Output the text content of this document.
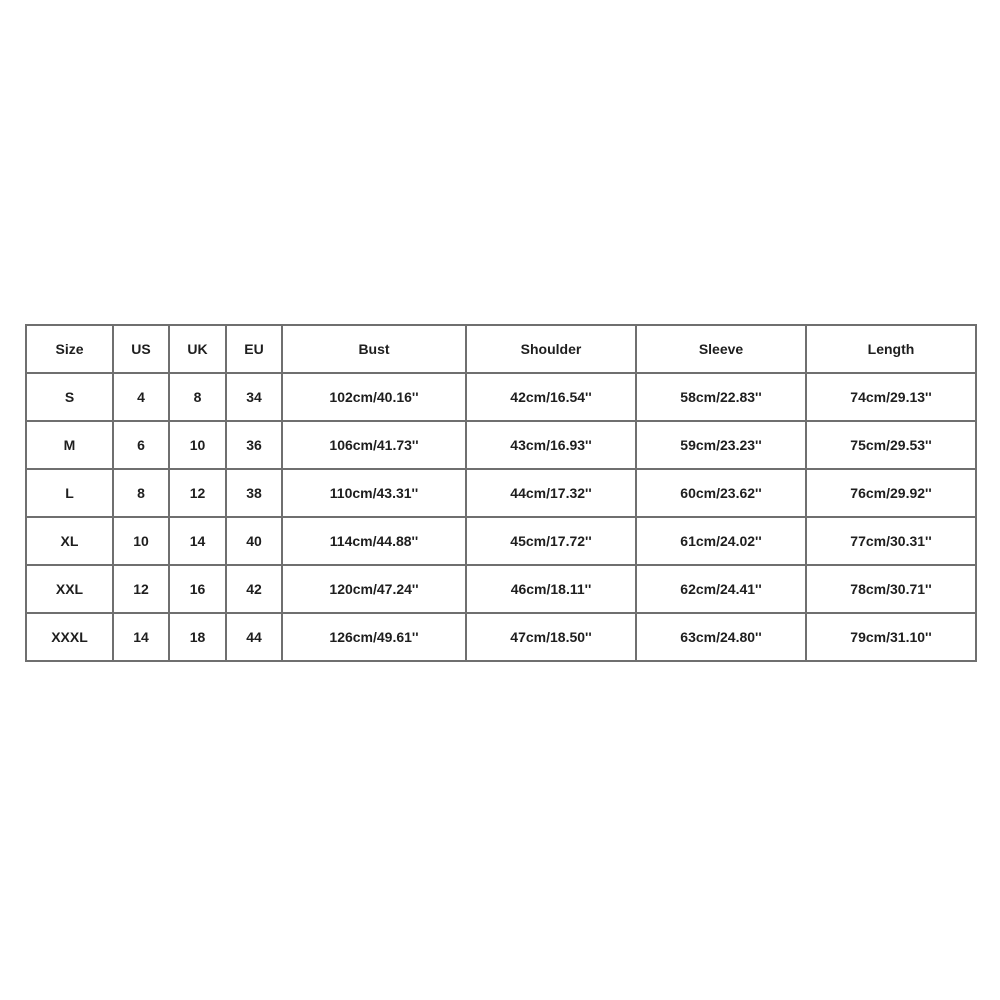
Size	US	UK	EU	Bust	Shoulder	Sleeve	Length
S	4	8	34	102cm/40.16''	42cm/16.54''	58cm/22.83''	74cm/29.13''
M	6	10	36	106cm/41.73''	43cm/16.93''	59cm/23.23''	75cm/29.53''
L	8	12	38	110cm/43.31''	44cm/17.32''	60cm/23.62''	76cm/29.92''
XL	10	14	40	114cm/44.88''	45cm/17.72''	61cm/24.02''	77cm/30.31''
XXL	12	16	42	120cm/47.24''	46cm/18.11''	62cm/24.41''	78cm/30.71''
XXXL	14	18	44	126cm/49.61''	47cm/18.50''	63cm/24.80''	79cm/31.10''
